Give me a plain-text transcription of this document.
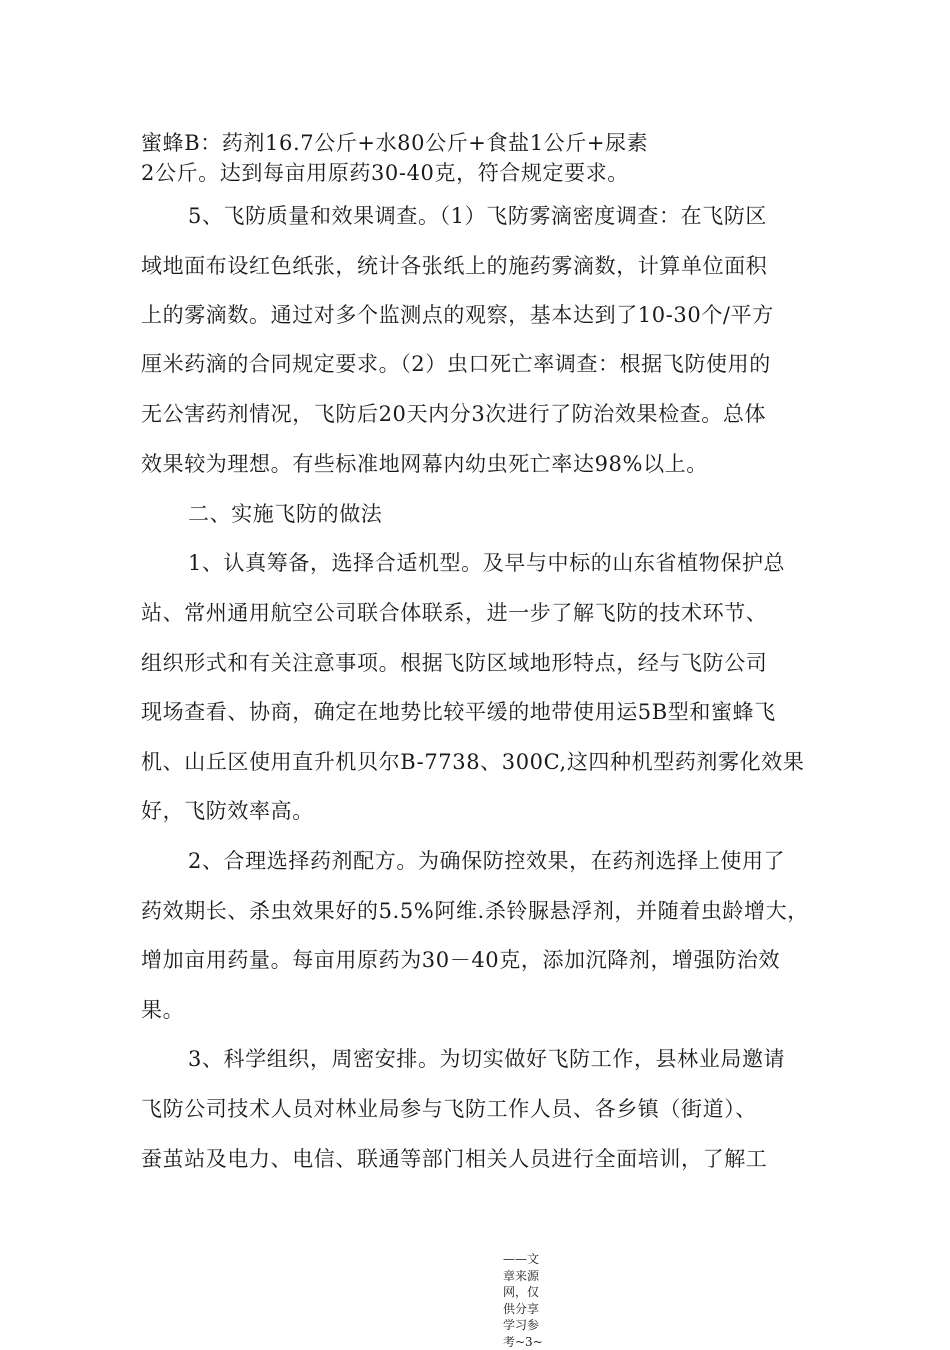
蜜蜂B：药剂16.7公斤+水80公斤+食盐1公斤+尿素
2公斤。达到每亩用原药30-40克，符合规定要求。
5、飞防质量和效果调查。（1）飞防雾滴密度调查：在飞防区
域地面布设红色纸张，统计各张纸上的施药雾滴数，计算单位面积
上的雾滴数。通过对多个监测点的观察，基本达到了10-30个/平方
厘米药滴的合同规定要求。（2）虫口死亡率调查：根据飞防使用的
无公害药剂情况，飞防后20天内分3次进行了防治效果检查。总体
效果较为理想。有些标准地网幕内幼虫死亡率达98%以上。
二、实施飞防的做法
1、认真筹备，选择合适机型。及早与中标的山东省植物保护总
站、常州通用航空公司联合体联系，进一步了解飞防的技术环节、
组织形式和有关注意事项。根据飞防区域地形特点，经与飞防公司
现场查看、协商，确定在地势比较平缓的地带使用运5B型和蜜蜂飞
机、山丘区使用直升机贝尔B-7738、300C,这四种机型药剂雾化效果
好，飞防效率高。
2、合理选择药剂配方。为确保防控效果，在药剂选择上使用了
药效期长、杀虫效果好的5.5%阿维.杀铃脲悬浮剂，并随着虫龄增大，
增加亩用药量。每亩用原药为30－40克，添加沉降剂，增强防治效
果。
3、科学组织，周密安排。为切实做好飞防工作，县林业局邀请
飞防公司技术人员对林业局参与飞防工作人员、各乡镇（街道）、
蚕茧站及电力、电信、联通等部门相关人员进行全面培训，了解工
——文章来源网，仅供分享学习参考~3~
